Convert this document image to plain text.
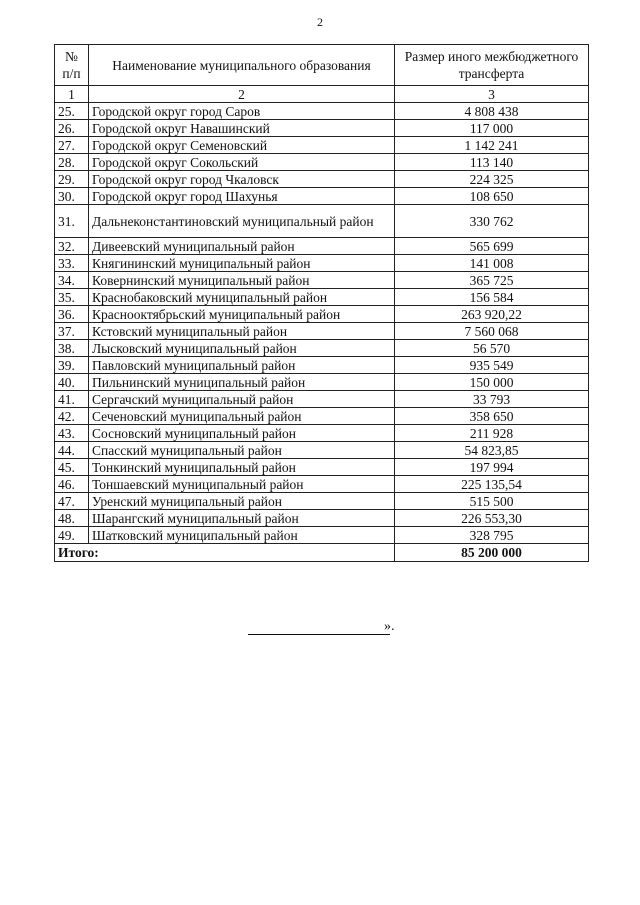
2
№ п/п	Наименование муниципального образования	Размер иного межбюджетного трансферта
1	2	3
25.	Городской округ город Саров	4 808 438
26.	Городской округ Навашинский	117 000
27.	Городской округ Семеновский	1 142 241
28.	Городской округ Сокольский	113 140
29.	Городской округ город Чкаловск	224 325
30.	Городской округ город Шахунья	108 650
31.	Дальнеконстантиновский муниципальный район	330 762
32.	Дивеевский муниципальный район	565 699
33.	Княгининский муниципальный район	141 008
34.	Ковернинский муниципальный район	365 725
35.	Краснобаковский муниципальный район	156 584
36.	Краснооктябрьский муниципальный район	263 920,22
37.	Кстовский муниципальный район	7 560 068
38.	Лысковский муниципальный район	56 570
39.	Павловский муниципальный район	935 549
40.	Пильнинский муниципальный район	150 000
41.	Сергачский муниципальный район	33 793
42.	Сеченовский муниципальный район	358 650
43.	Сосновский муниципальный район	211 928
44.	Спасский муниципальный район	54 823,85
45.	Тонкинский муниципальный район	197 994
46.	Тоншаевский муниципальный район	225 135,54
47.	Уренский муниципальный район	515 500
48.	Шарангский муниципальный район	226 553,30
49.	Шатковский муниципальный район	328 795
Итого:		85 200 000
».
